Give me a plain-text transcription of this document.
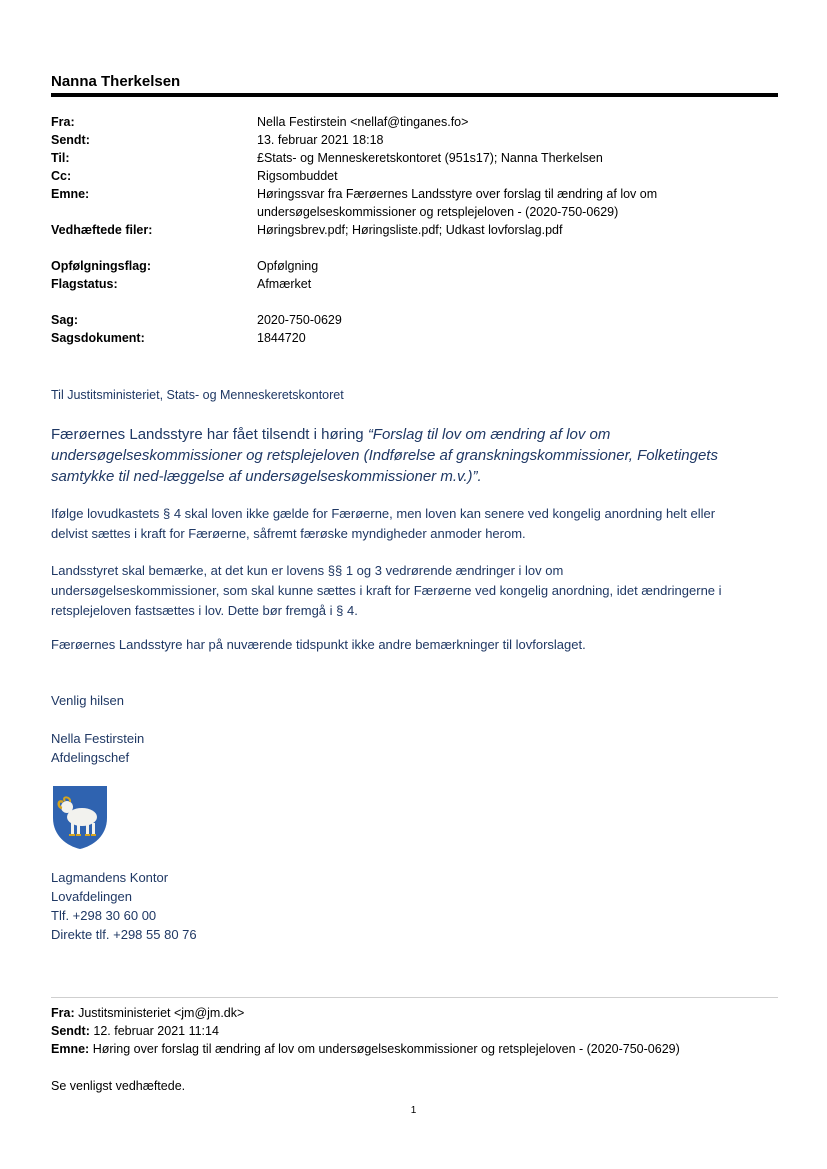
Nanna Therkelsen
Fra:	Nella Festirstein <nellaf@tinganes.fo>
Sendt:	13. februar 2021 18:18
Til:	£Stats- og Menneskeretskontoret (951s17); Nanna Therkelsen
Cc:	Rigsombuddet
Emne:	Høringssvar fra Færøernes Landsstyre over forslag til ændring af lov om
undersøgelseskommissioner og retsplejeloven - (2020-750-0629)
Vedhæftede filer:	Høringsbrev.pdf; Høringsliste.pdf; Udkast lovforslag.pdf
Opfølgningsflag:	Opfølgning
Flagstatus:	Afmærket
Sag:	2020-750-0629
Sagsdokument:	1844720
Til Justitsministeriet, Stats- og Menneskeretskontoret
Færøernes Landsstyre har fået tilsendt i høring “Forslag til lov om ændring af lov om
undersøgelseskommissioner og retsplejeloven (Indførelse af granskningskommissioner, Folketingets
samtykke til ned-læggelse af undersøgelseskommissioner m.v.)”.
Ifølge lovudkastets § 4 skal loven ikke gælde for Færøerne, men loven kan senere ved kongelig anordning helt eller
delvist sættes i kraft for Færøerne, såfremt færøske myndigheder anmoder herom.
Landsstyret skal bemærke, at det kun er lovens §§ 1 og 3 vedrørende ændringer i lov om
undersøgelseskommissioner, som skal kunne sættes i kraft for Færøerne ved kongelig anordning, idet ændringerne i
retsplejeloven fastsættes i lov. Dette bør fremgå i § 4.
Færøernes Landsstyre har på nuværende tidspunkt ikke andre bemærkninger til lovforslaget.
Venlig hilsen
Nella Festirstein
Afdelingschef
Lagmandens Kontor
Lovafdelingen
Tlf. +298 30 60 00
Direkte tlf. +298 55 80 76
Fra: Justitsministeriet <jm@jm.dk>
Sendt: 12. februar 2021 11:14
Emne: Høring over forslag til ændring af lov om undersøgelseskommissioner og retsplejeloven - (2020-750-0629)
Se venligst vedhæftede.
1
